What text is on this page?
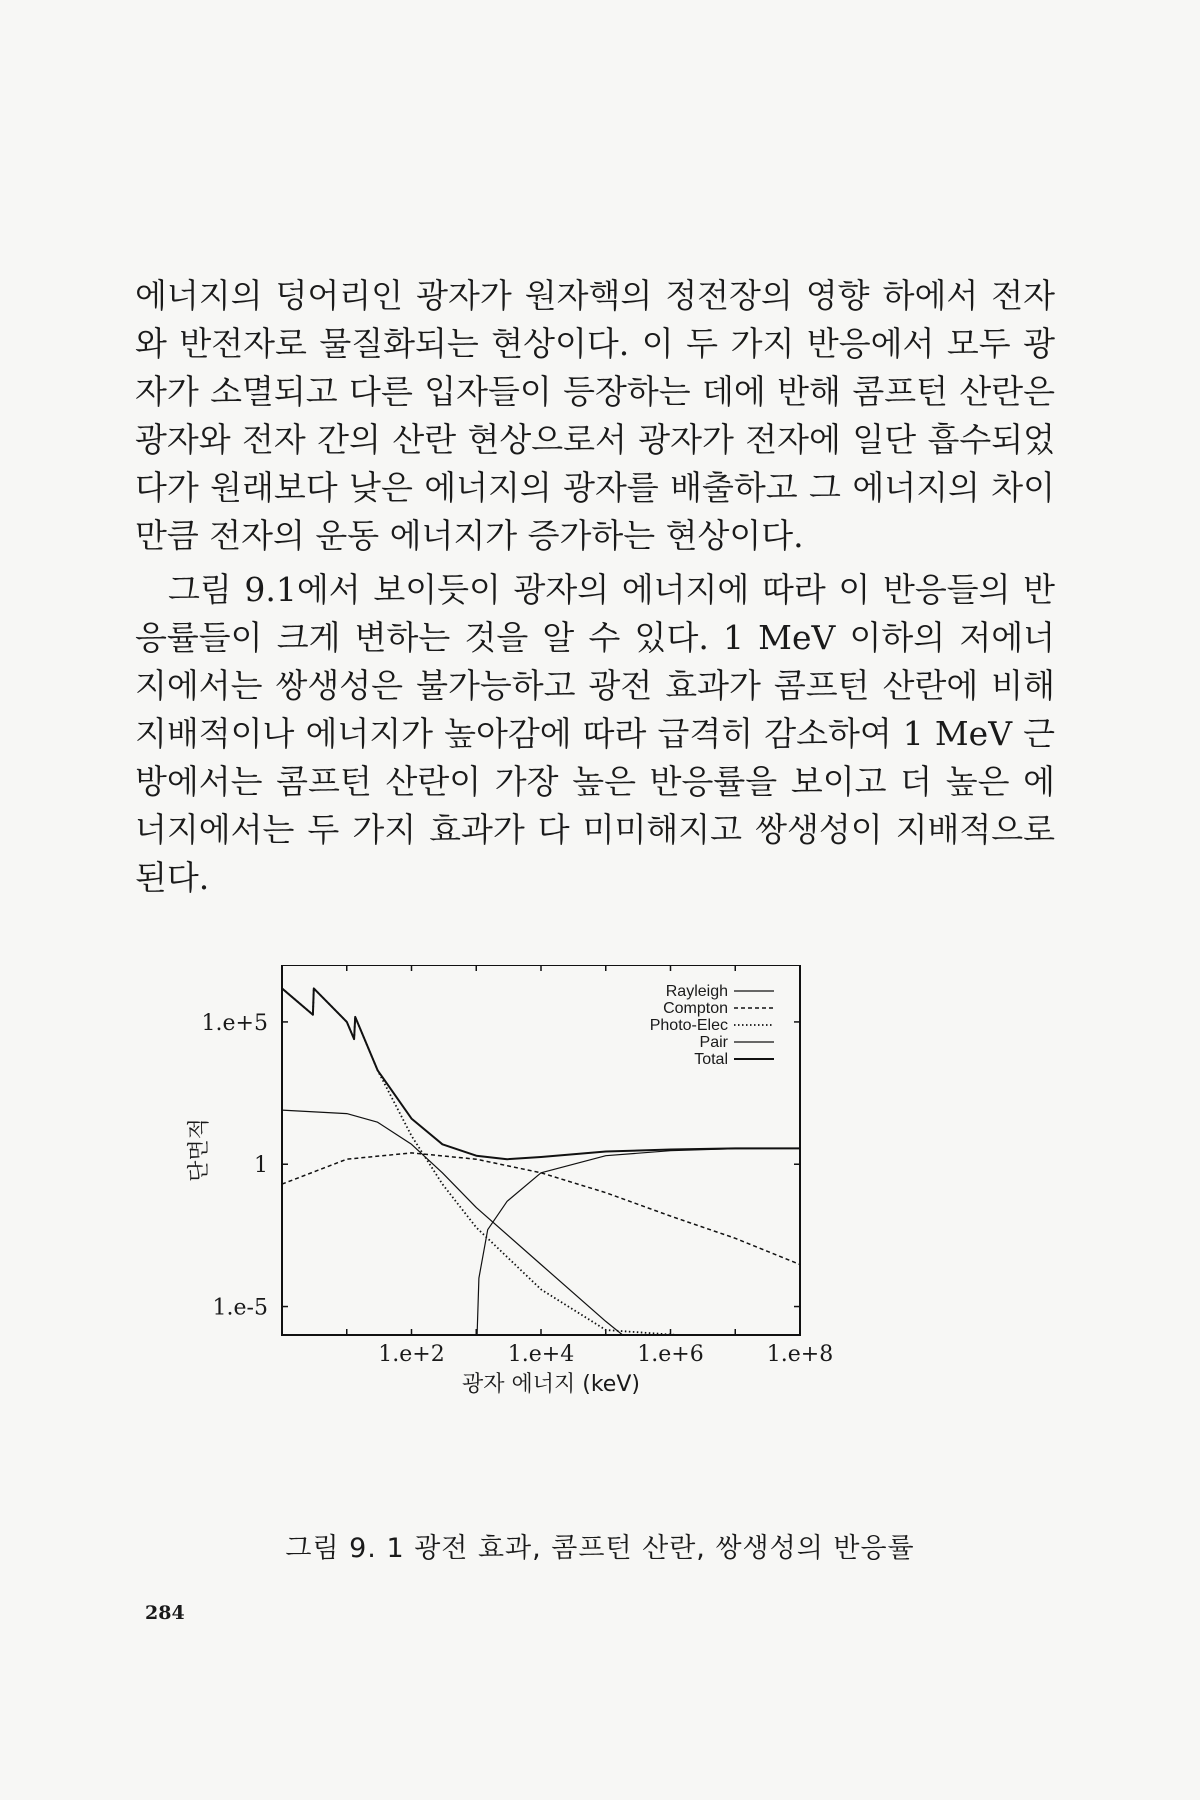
에너지의 덩어리인 광자가 원자핵의 정전장의 영향 하에서 전자
와 반전자로 물질화되는 현상이다. 이 두 가지 반응에서 모두 광
자가 소멸되고 다른 입자들이 등장하는 데에 반해 콤프턴 산란은
광자와 전자 간의 산란 현상으로서 광자가 전자에 일단 흡수되었
다가 원래보다 낮은 에너지의 광자를 배출하고 그 에너지의 차이
만큼 전자의 운동 에너지가 증가하는 현상이다.
그림 9.1에서 보이듯이 광자의 에너지에 따라 이 반응들의 반
응률들이 크게 변하는 것을 알 수 있다. 1 MeV 이하의 저에너
지에서는 쌍생성은 불가능하고 광전 효과가 콤프턴 산란에 비해
지배적이나 에너지가 높아감에 따라 급격히 감소하여 1 MeV 근
방에서는 콤프턴 산란이 가장 높은 반응률을 보이고 더 높은 에
너지에서는 두 가지 효과가 다 미미해지고 쌍생성이 지배적으로
된다.
1.e+2	1.e+4	1.e+6	1.e+8
1.e+5
1
1.e-5
광자 에너지 (keV)
단면적
Rayleigh
Compton
Photo-Elec
Pair
Total
그림 9. 1 광전 효과, 콤프턴 산란, 쌍생성의 반응률
284
